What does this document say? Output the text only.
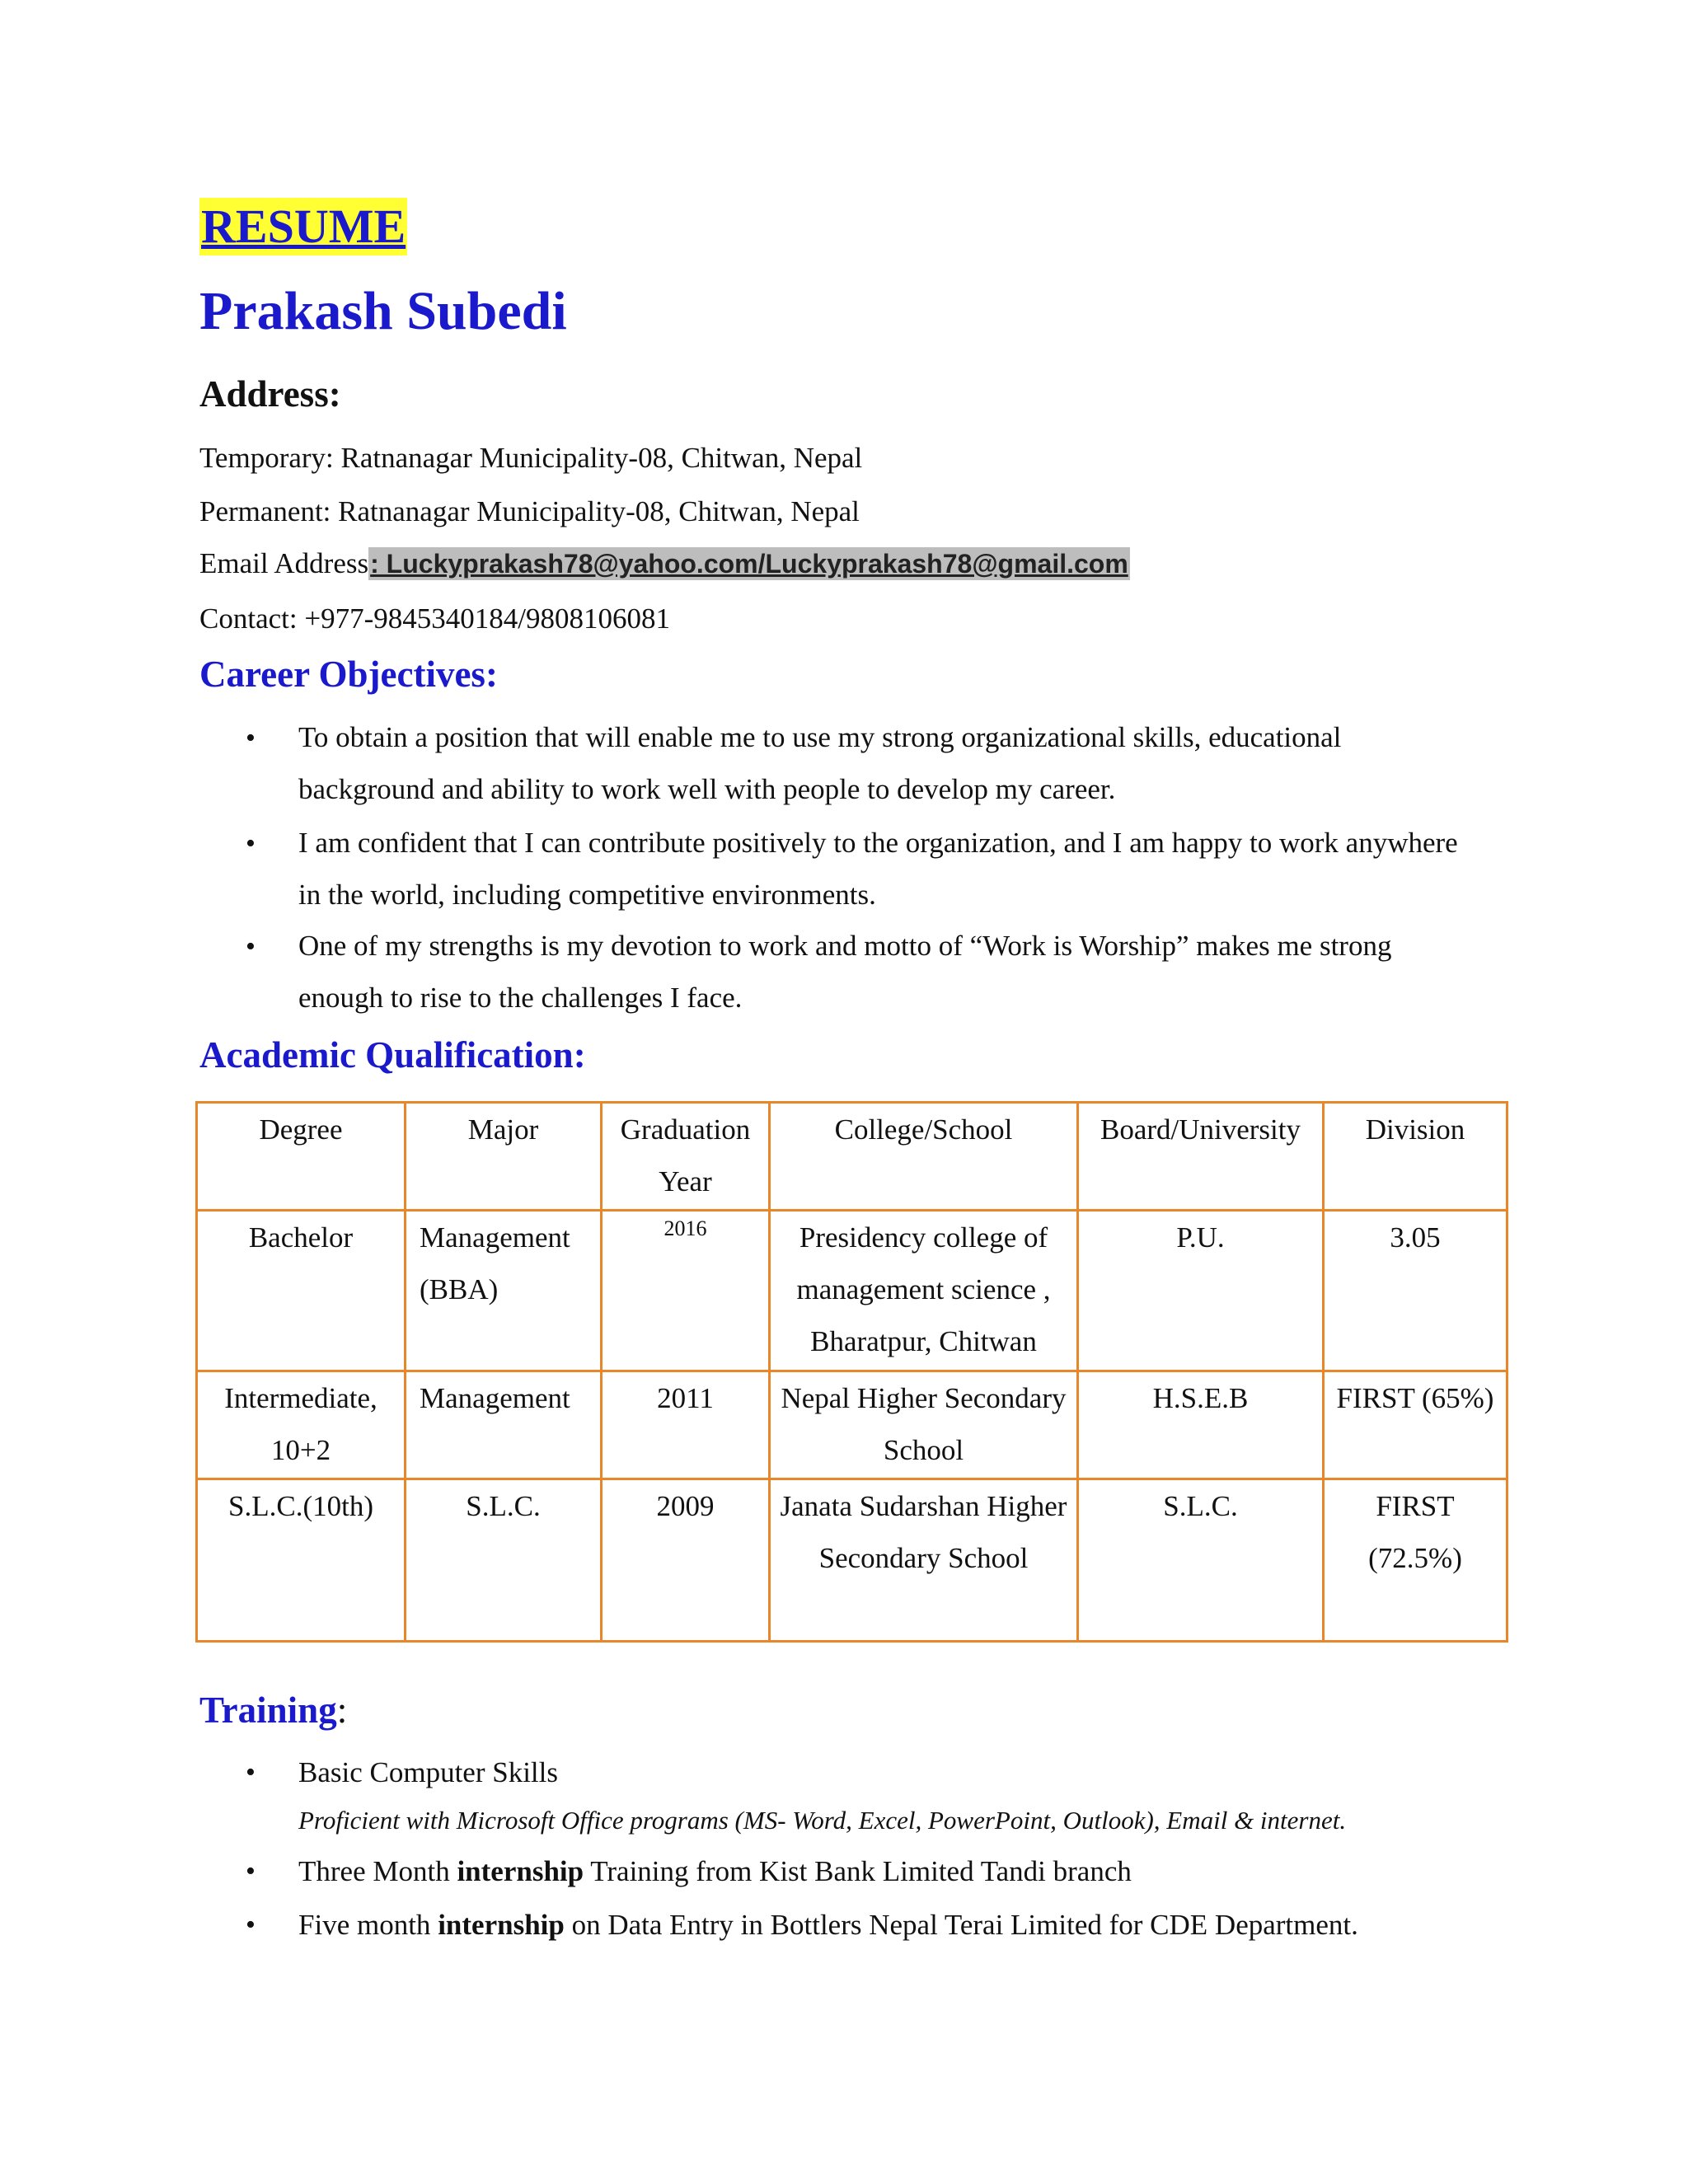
RESUME
Prakash Subedi
Address:
Temporary: Ratnanagar Municipality-08, Chitwan, Nepal
Permanent: Ratnanagar Municipality-08, Chitwan, Nepal
Email Address: Luckyprakash78@yahoo.com/Luckyprakash78@gmail.com
Contact: +977-9845340184/9808106081
Career Objectives:
• To obtain a position that will enable me to use my strong organizational skills, educational background and ability to work well with people to develop my career.
• I am confident that I can contribute positively to the organization, and I am happy to work anywhere in the world, including competitive environments.
• One of my strengths is my devotion to work and motto of “Work is Worship” makes me strong enough to rise to the challenges I face.
Academic Qualification:
Degree	Major	Graduation Year	College/School	Board/University	Division
Bachelor	Management (BBA)	2016	Presidency college of management science , Bharatpur, Chitwan	P.U.	3.05
Intermediate, 10+2	Management	2011	Nepal Higher Secondary School	H.S.E.B	FIRST (65%)
S.L.C.(10th)	S.L.C.	2009	Janata Sudarshan Higher Secondary School	S.L.C.	FIRST (72.5%)
Training:
• Basic Computer Skills
Proficient with Microsoft Office programs (MS- Word, Excel, PowerPoint, Outlook), Email & internet.
• Three Month internship Training from Kist Bank Limited Tandi branch
• Five month internship on Data Entry in Bottlers Nepal Terai Limited for CDE Department.
